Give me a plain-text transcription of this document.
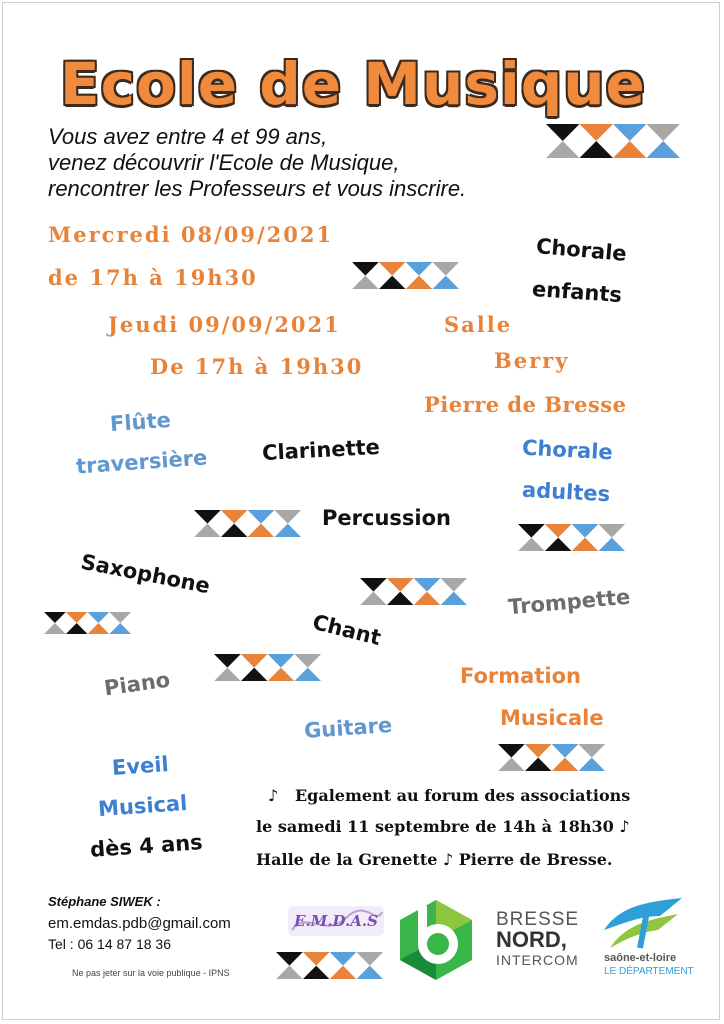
Ecole de Musique
Vous avez entre 4 et 99 ans,
venez découvrir l'Ecole de Musique,
rencontrer les Professeurs et vous inscrire.
Mercredi 08/09/2021
de 17h à 19h30
Jeudi 09/09/2021
De 17h à 19h30
Salle
Berry
Pierre de Bresse
Chorale
enfants
Flûte
traversière	Clarinette	Chorale
adultes
Percussion
Saxophone
Trompette
Chant
Piano	Formation
Musicale
Guitare
Eveil
Musical
dès 4 ans
♪ Egalement au forum des associations
le samedi 11 septembre de 14h à 18h30 ♪
Halle de la Grenette ♪ Pierre de Bresse.
Stéphane SIWEK :
em.emdas.pdb@gmail.com
Tel : 06 14 87 18 36
Ne pas jeter sur la voie publique - IPNS
E.M.D.A.S	BRESSE
NORD,
INTERCOM saône-et-loire
LE DÉPARTEMENT
